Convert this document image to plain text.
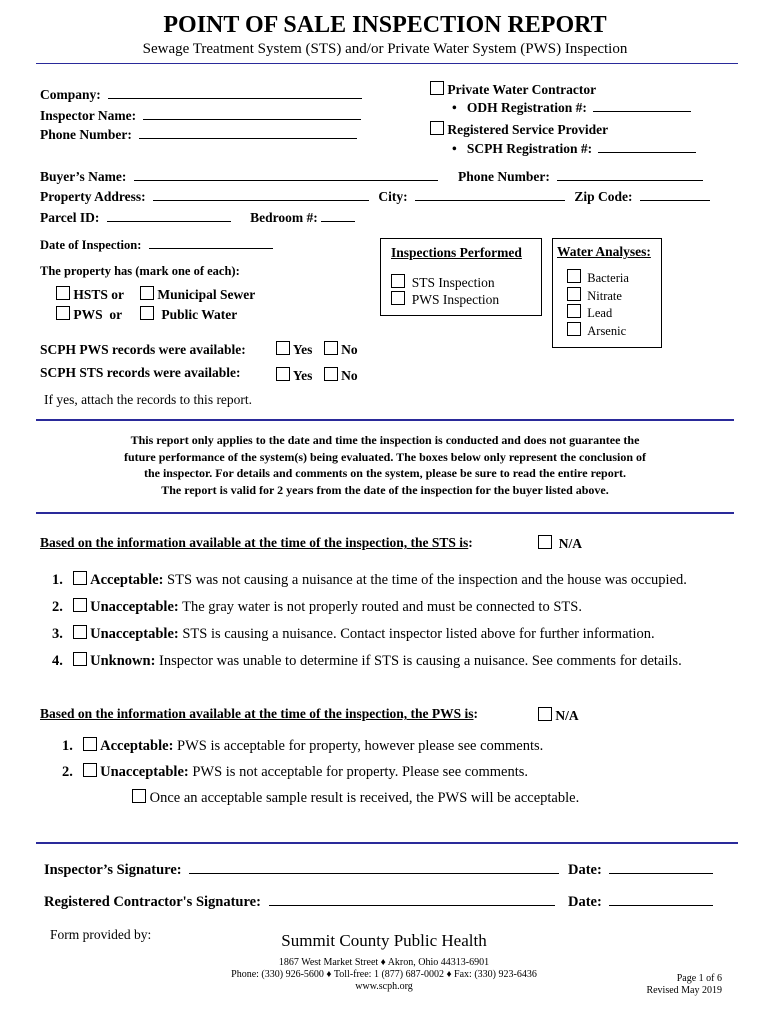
POINT OF SALE INSPECTION REPORT
Sewage Treatment System (STS) and/or Private Water System (PWS) Inspection
Company:
Inspector Name:
Phone Number:
Private Water Contractor
• ODH Registration #:
Registered Service Provider
• SCPH Registration #:
Buyer’s Name:	Phone Number:
Property Address:	City:	Zip Code:
Parcel ID:	Bedroom #:
Date of Inspection:
The property has (mark one of each):
HSTS or	Municipal Sewer
PWS  or	Public Water
Inspections Performed
STS Inspection
PWS Inspection
Water Analyses:
Bacteria
Nitrate
Lead
Arsenic
SCPH PWS records were available:	Yes No
SCPH STS records were available:	Yes No
If yes, attach the records to this report.
This report only applies to the date and time the inspection is conducted and does not guarantee the
future performance of the system(s) being evaluated. The boxes below only represent the conclusion of
the inspector. For details and comments on the system, please be sure to read the entire report.
The report is valid for 2 years from the date of the inspection for the buyer listed above.
Based on the information available at the time of the inspection, the STS is:	N/A
1. Acceptable: STS was not causing a nuisance at the time of the inspection and the house was occupied.
2. Unacceptable: The gray water is not properly routed and must be connected to STS.
3. Unacceptable: STS is causing a nuisance. Contact inspector listed above for further information.
4. Unknown: Inspector was unable to determine if STS is causing a nuisance. See comments for details.
Based on the information available at the time of the inspection, the PWS is:	N/A
1. Acceptable: PWS is acceptable for property, however please see comments.
2. Unacceptable: PWS is not acceptable for property. Please see comments.
Once an acceptable sample result is received, the PWS will be acceptable.
Inspector’s Signature:	Date:
Registered Contractor's Signature:	Date:
Form provided by:	Summit County Public Health
1867 West Market Street ♦ Akron, Ohio 44313-6901
Phone: (330) 926-5600 ♦ Toll-free: 1 (877) 687-0002 ♦ Fax: (330) 923-6436
www.scph.org
Page 1 of 6
Revised May 2019
